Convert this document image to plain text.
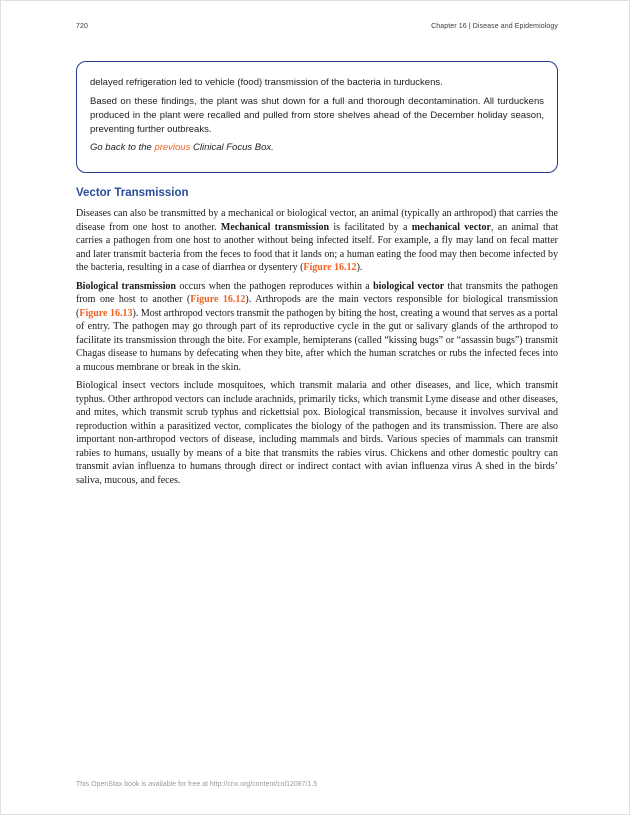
720	Chapter 16 | Disease and Epidemiology

delayed refrigeration led to vehicle (food) transmission of the bacteria in turduckens.

Based on these findings, the plant was shut down for a full and thorough decontamination. All turduckens produced in the plant were recalled and pulled from store shelves ahead of the December holiday season, preventing further outbreaks.

Go back to the previous Clinical Focus Box.

Vector Transmission

Diseases can also be transmitted by a mechanical or biological vector, an animal (typically an arthropod) that carries the disease from one host to another. Mechanical transmission is facilitated by a mechanical vector, an animal that carries a pathogen from one host to another without being infected itself. For example, a fly may land on fecal matter and later transmit bacteria from the feces to food that it lands on; a human eating the food may then become infected by the bacteria, resulting in a case of diarrhea or dysentery (Figure 16.12).

Biological transmission occurs when the pathogen reproduces within a biological vector that transmits the pathogen from one host to another (Figure 16.12). Arthropods are the main vectors responsible for biological transmission (Figure 16.13). Most arthropod vectors transmit the pathogen by biting the host, creating a wound that serves as a portal of entry. The pathogen may go through part of its reproductive cycle in the gut or salivary glands of the arthropod to facilitate its transmission through the bite. For example, hemipterans (called “kissing bugs” or “assassin bugs”) transmit Chagas disease to humans by defecating when they bite, after which the human scratches or rubs the infected feces into a mucous membrane or break in the skin.

Biological insect vectors include mosquitoes, which transmit malaria and other diseases, and lice, which transmit typhus. Other arthropod vectors can include arachnids, primarily ticks, which transmit Lyme disease and other diseases, and mites, which transmit scrub typhus and rickettsial pox. Biological transmission, because it involves survival and reproduction within a parasitized vector, complicates the biology of the pathogen and its transmission. There are also important non-arthropod vectors of disease, including mammals and birds. Various species of mammals can transmit rabies to humans, usually by means of a bite that transmits the rabies virus. Chickens and other domestic poultry can transmit avian influenza to humans through direct or indirect contact with avian influenza virus A shed in the birds’ saliva, mucous, and feces.

This OpenStax book is available for free at http://cnx.org/content/col12087/1.5
